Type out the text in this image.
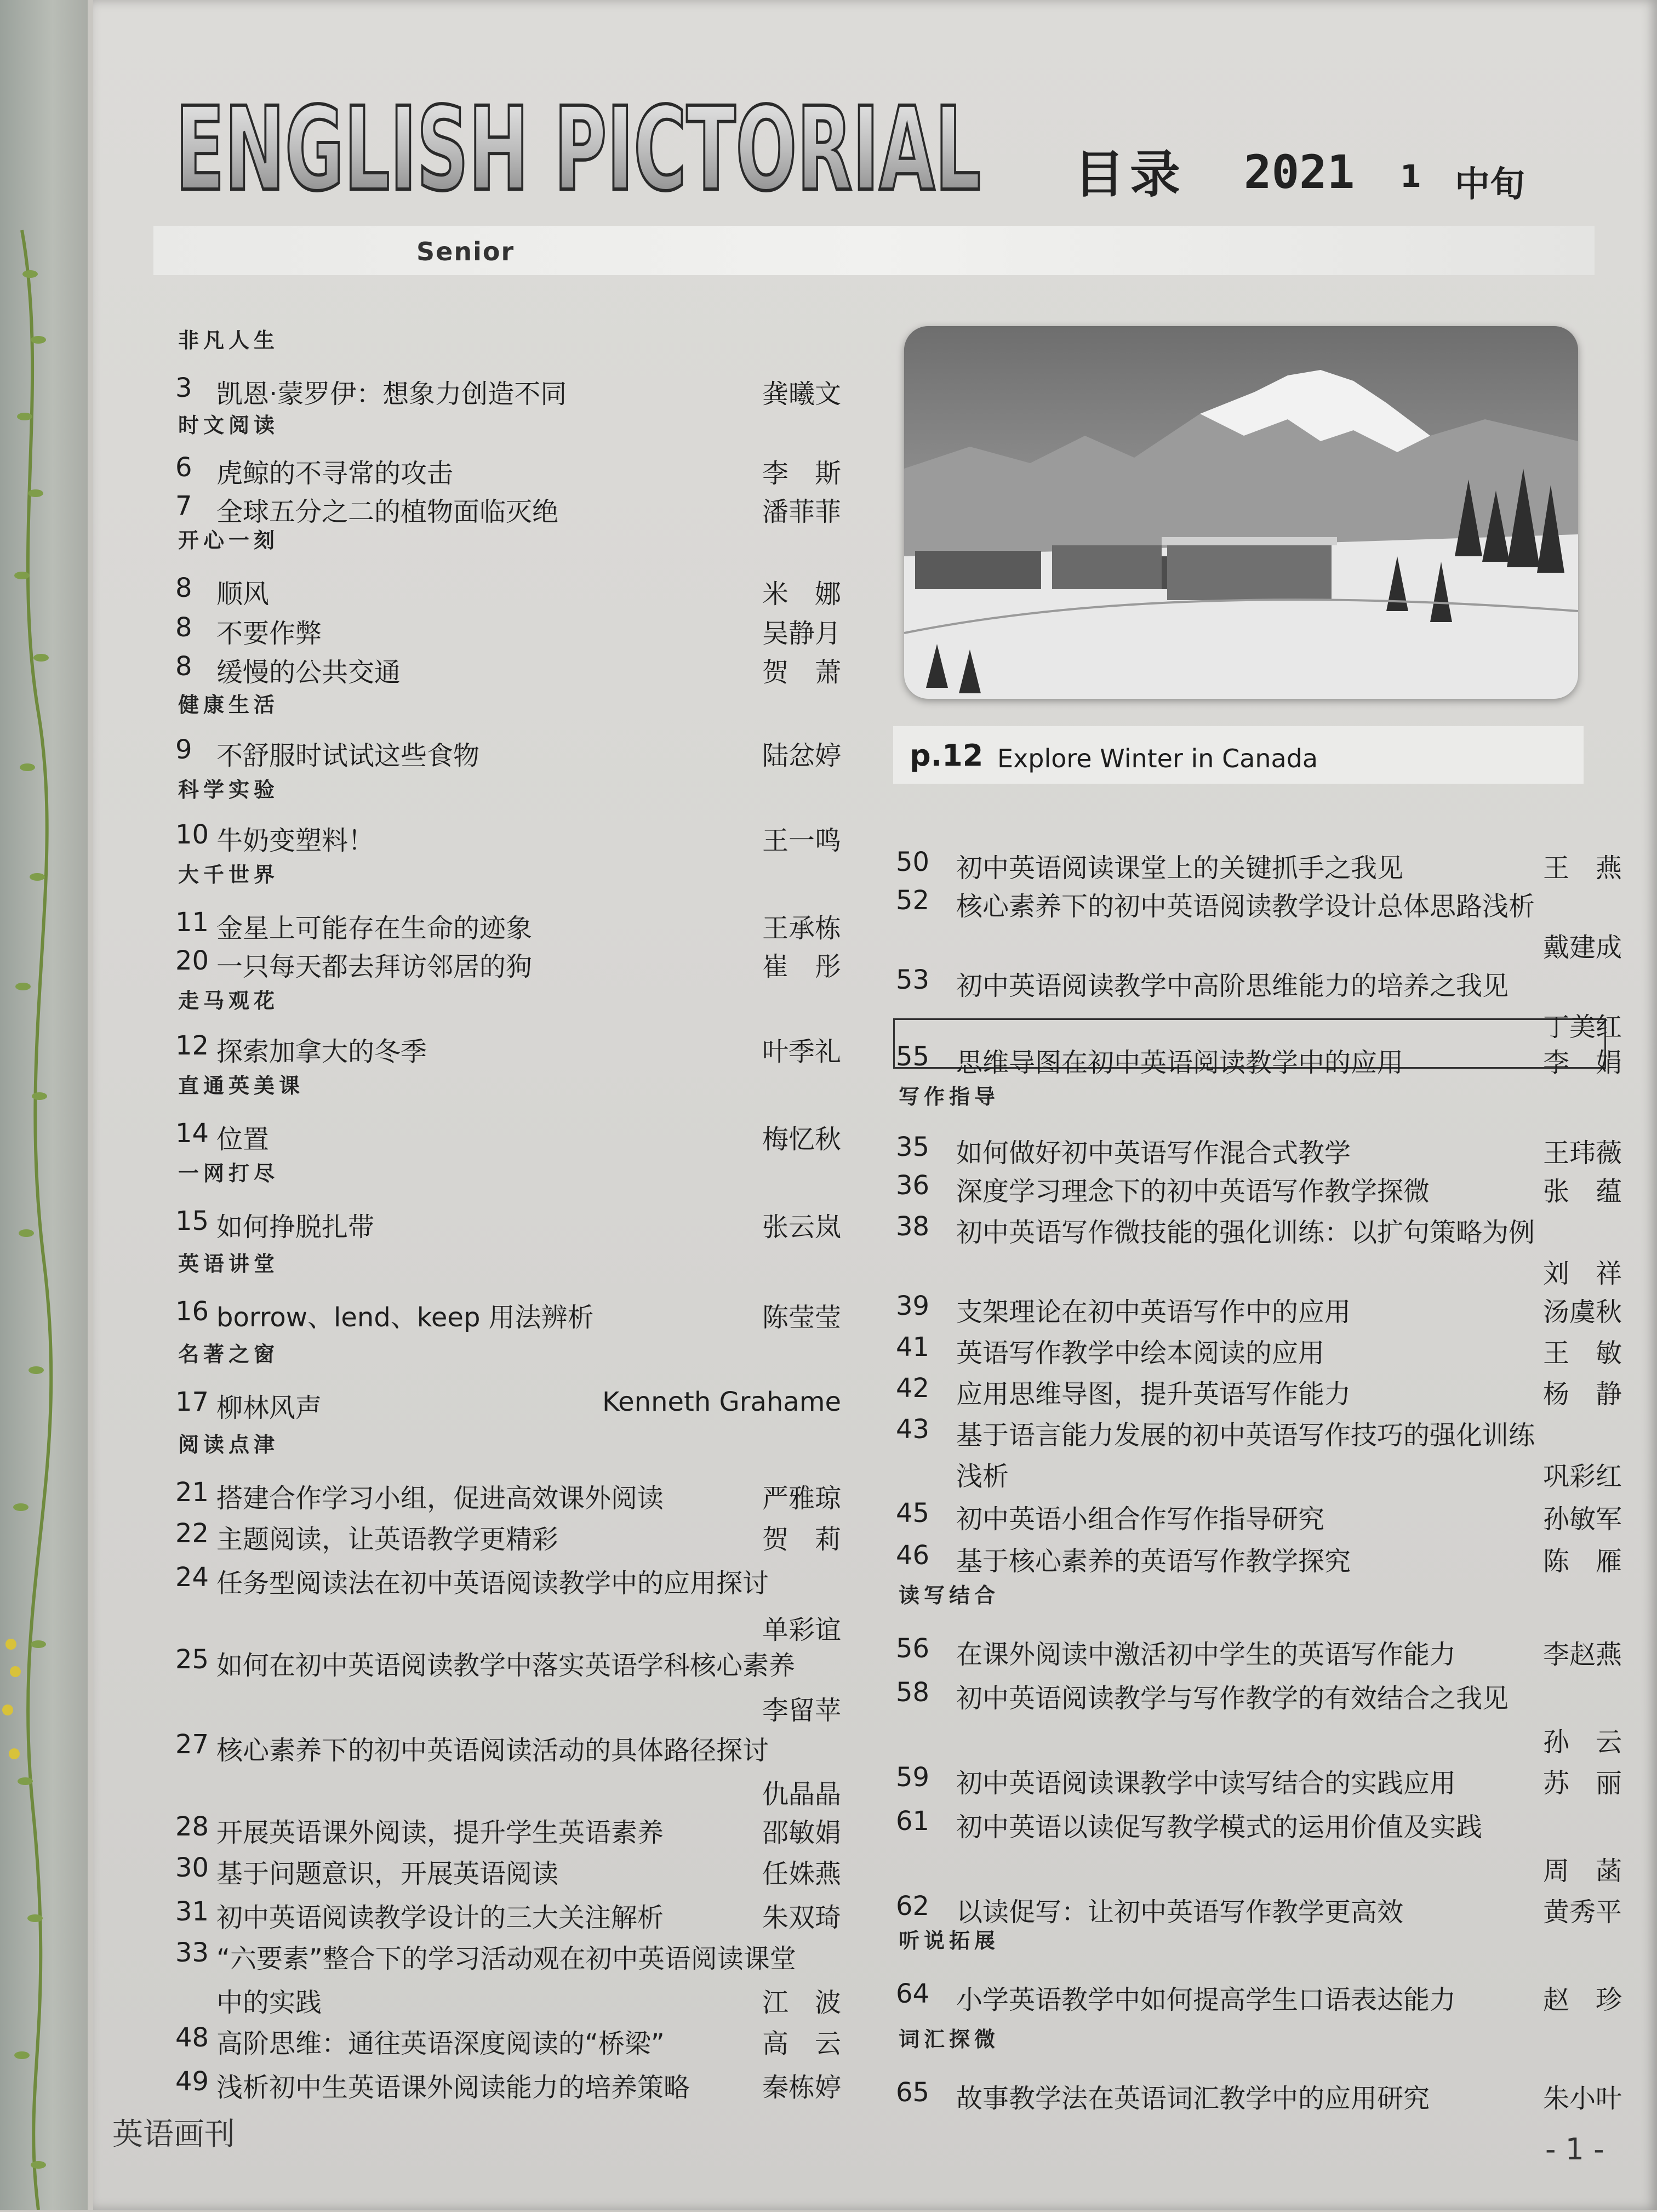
ENGLISH PICTORIAL 目录 2021 1 中旬
Senior
p.12 Explore Winter in Canada
非凡人生
3 凯恩·蒙罗伊：想象力创造不同	龚曦文
时文阅读
6 虎鲸的不寻常的攻击	李　斯
7 全球五分之二的植物面临灭绝	潘菲菲
开心一刻
8 顺风	米　娜
8 不要作弊	吴静月
8 缓慢的公共交通	贺　萧
健康生活
9 不舒服时试试这些食物	陆忿婷
科学实验
10 牛奶变塑料！	王一鸣
大千世界
11 金星上可能存在生命的迹象	王承栋
20 一只每天都去拜访邻居的狗	崔　彤
走马观花
12 探索加拿大的冬季	叶季礼
直通英美课
14 位置	梅忆秋
一网打尽
15 如何挣脱扎带	张云岚
英语讲堂
16 borrow、lend、keep 用法辨析	陈莹莹
名著之窗
17 柳林风声	Kenneth Grahame
阅读点津
21 搭建合作学习小组，促进高效课外阅读	严雅琼
22 主题阅读，让英语教学更精彩	贺　莉
24 任务型阅读法在初中英语阅读教学中的应用探讨
单彩谊
25 如何在初中英语阅读教学中落实英语学科核心素养
李留苹
27 核心素养下的初中英语阅读活动的具体路径探讨
仇晶晶
28 开展英语课外阅读，提升学生英语素养	邵敏娟
30 基于问题意识，开展英语阅读	任姝燕
31 初中英语阅读教学设计的三大关注解析	朱双琦
33 “六要素”整合下的学习活动观在初中英语阅读课堂
中的实践	江　波
48 高阶思维：通往英语深度阅读的“桥梁”	高　云
49 浅析初中生英语课外阅读能力的培养策略	秦栋婷
50 初中英语阅读课堂上的关键抓手之我见	王　燕
52 核心素养下的初中英语阅读教学设计总体思路浅析
戴建成
53 初中英语阅读教学中高阶思维能力的培养之我见
丁美红
55 思维导图在初中英语阅读教学中的应用	李　娟
写作指导
35 如何做好初中英语写作混合式教学	王玮薇
36 深度学习理念下的初中英语写作教学探微	张　蕴
38 初中英语写作微技能的强化训练：以扩句策略为例
刘　祥
39 支架理论在初中英语写作中的应用	汤虞秋
41 英语写作教学中绘本阅读的应用	王　敏
42 应用思维导图，提升英语写作能力	杨　静
43 基于语言能力发展的初中英语写作技巧的强化训练
浅析	巩彩红
45 初中英语小组合作写作指导研究	孙敏军
46 基于核心素养的英语写作教学探究	陈　雁
读写结合
56 在课外阅读中激活初中学生的英语写作能力	李赵燕
58 初中英语阅读教学与写作教学的有效结合之我见
孙　云
59 初中英语阅读课教学中读写结合的实践应用	苏　丽
61 初中英语以读促写教学模式的运用价值及实践
周　菡
62 以读促写：让初中英语写作教学更高效	黄秀平
听说拓展
64 小学英语教学中如何提高学生口语表达能力	赵　珍
词汇探微
65 故事教学法在英语词汇教学中的应用研究	朱小叶
英语画刊	- 1 -
